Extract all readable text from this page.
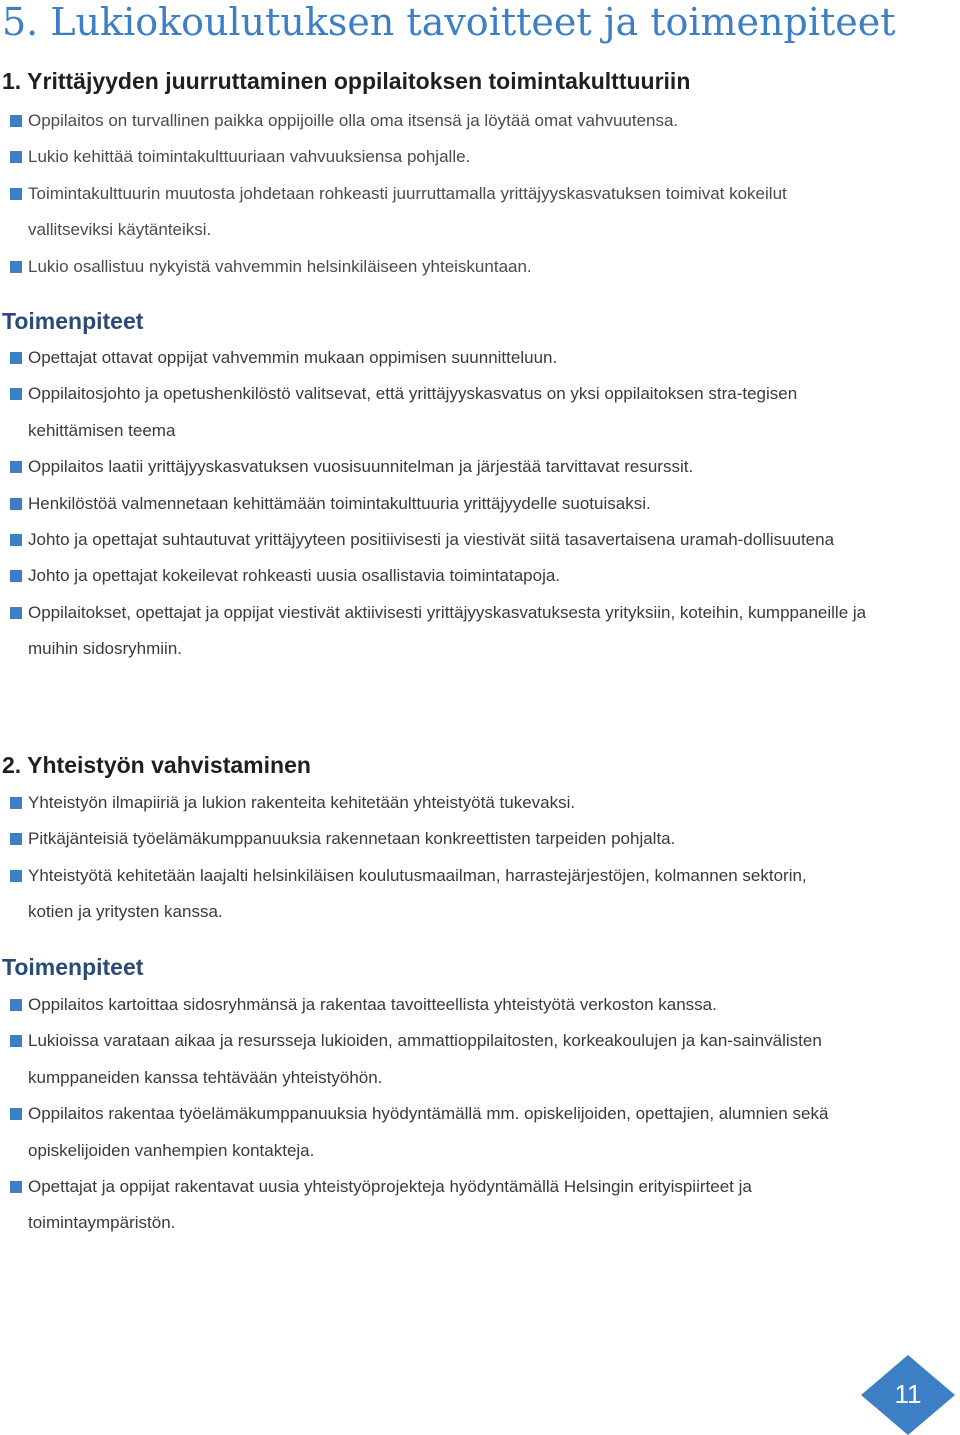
5. Lukiokoulutuksen tavoitteet ja toimenpiteet
1. Yrittäjyyden juurruttaminen oppilaitoksen toimintakulttuuriin
Oppilaitos on turvallinen paikka oppijoille olla oma itsensä ja löytää omat vahvuutensa.
Lukio kehittää toimintakulttuuriaan vahvuuksiensa pohjalle.
Toimintakulttuurin muutosta johdetaan rohkeasti juurruttamalla yrittäjyyskasvatuksen toimivat kokeilut vallitseviksi käytänteiksi.
Lukio osallistuu nykyistä vahvemmin helsinkiläiseen yhteiskuntaan.
Toimenpiteet
Opettajat ottavat oppijat vahvemmin mukaan oppimisen suunnitteluun.
Oppilaitosjohto ja opetushenkilöstö valitsevat, että yrittäjyyskasvatus on yksi oppilaitoksen stra-tegisen kehittämisen teema
Oppilaitos laatii yrittäjyyskasvatuksen vuosisuunnitelman ja järjestää tarvittavat resurssit.
Henkilöstöä valmennetaan kehittämään toimintakulttuuria yrittäjyydelle suotuisaksi.
Johto ja opettajat suhtautuvat yrittäjyyteen positiivisesti ja viestivät siitä tasavertaisena uramah-dollisuutena
Johto ja opettajat kokeilevat rohkeasti uusia osallistavia toimintatapoja.
Oppilaitokset, opettajat ja oppijat viestivät aktiivisesti yrittäjyyskasvatuksesta yrityksiin, koteihin, kumppaneille ja muihin sidosryhmiin.
2. Yhteistyön vahvistaminen
Yhteistyön ilmapiiriä ja lukion rakenteita kehitetään yhteistyötä tukevaksi.
Pitkäjänteisiä työelämäkumppanuuksia rakennetaan konkreettisten tarpeiden pohjalta.
Yhteistyötä kehitetään laajalti helsinkiläisen koulutusmaailman, harrastejärjestöjen, kolmannen sektorin, kotien ja yritysten kanssa.
Toimenpiteet
Oppilaitos kartoittaa sidosryhmänsä ja rakentaa tavoitteellista yhteistyötä verkoston kanssa.
Lukioissa varataan aikaa ja resursseja lukioiden, ammattioppilaitosten, korkeakoulujen ja kan-sainvälisten kumppaneiden kanssa tehtävään yhteistyöhön.
Oppilaitos rakentaa työelämäkumppanuuksia hyödyntämällä mm. opiskelijoiden, opettajien, alumnien sekä opiskelijoiden vanhempien kontakteja.
Opettajat ja oppijat rakentavat uusia yhteistyöprojekteja hyödyntämällä Helsingin erityispiirteet ja toimintaympäristön.
11
